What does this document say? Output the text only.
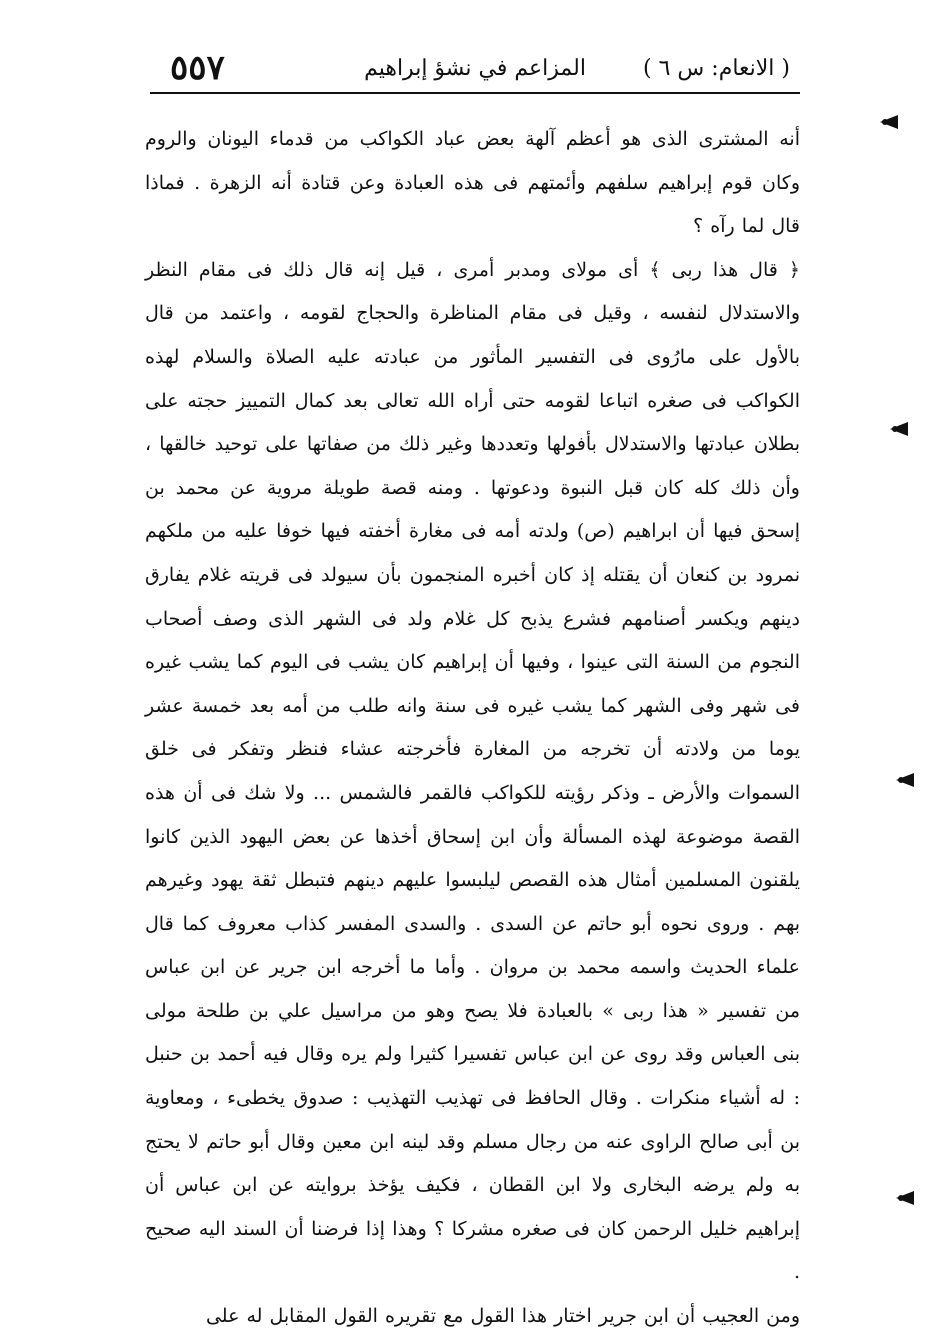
٥٥٧	المزاعم في نشؤ إبراهيم	( الانعام: س ٦ )

أنه المشترى الذى هو أعظم آلهة بعض عباد الكواكب من قدماء اليونان والروم وكان قوم إبراهيم سلفهم وأئمتهم فى هذه العبادة وعن قتادة أنه الزهرة . فماذا قال لما رآه ؟

﴿ قال هذا ربى ﴾ أى مولاى ومدبر أمرى ، قيل إنه قال ذلك فى مقام النظر والاستدلال لنفسه ، وقيل فى مقام المناظرة والحجاج لقومه ، واعتمد من قال بالأول على مارُوى فى التفسير المأثور من عبادته عليه الصلاة والسلام لهذه الكواكب فى صغره اتباعا لقومه حتى أراه الله تعالى بعد كمال التمييز حجته على بطلان عبادتها والاستدلال بأفولها وتعددها وغير ذلك من صفاتها على توحيد خالقها ، وأن ذلك كله كان قبل النبوة ودعوتها . ومنه قصة طويلة مروية عن محمد بن إسحق فيها أن ابراهيم (ص) ولدته أمه فى مغارة أخفته فيها خوفا عليه من ملكهم نمرود بن كنعان أن يقتله إذ كان أخبره المنجمون بأن سيولد فى قريته غلام يفارق دينهم ويكسر أصنامهم فشرع يذبح كل غلام ولد فى الشهر الذى وصف أصحاب النجوم من السنة التى عينوا ، وفيها أن إبراهيم كان يشب فى اليوم كما يشب غيره فى شهر وفى الشهر كما يشب غيره فى سنة وانه طلب من أمه بعد خمسة عشر يوما من ولادته أن تخرجه من المغارة فأخرجته عشاء فنظر وتفكر فى خلق السموات والأرض ـ وذكر رؤيته للكواكب فالقمر فالشمس ... ولا شك فى أن هذه القصة موضوعة لهذه المسألة وأن ابن إسحاق أخذها عن بعض اليهود الذين كانوا يلقنون المسلمين أمثال هذه القصص ليلبسوا عليهم دينهم فتبطل ثقة يهود وغيرهم بهم . وروى نحوه أبو حاتم عن السدى . والسدى المفسر كذاب معروف كما قال علماء الحديث واسمه محمد بن مروان . وأما ما أخرجه ابن جرير عن ابن عباس من تفسير « هذا ربى » بالعبادة فلا يصح وهو من مراسيل علي بن طلحة مولى بنى العباس وقد روى عن ابن عباس تفسيرا كثيرا ولم يره وقال فيه أحمد بن حنبل : له أشياء منكرات . وقال الحافظ فى تهذيب التهذيب : صدوق يخطىء ، ومعاوية بن أبى صالح الراوى عنه من رجال مسلم وقد لينه ابن معين وقال أبو حاتم لا يحتج به ولم يرضه البخارى ولا ابن القطان ، فكيف يؤخذ بروايته عن ابن عباس أن إبراهيم خليل الرحمن كان فى صغره مشركا ؟ وهذا إذا فرضنا أن السند اليه صحيح .

ومن العجيب أن ابن جرير اختار هذا القول مع تقريره القول المقابل له على
